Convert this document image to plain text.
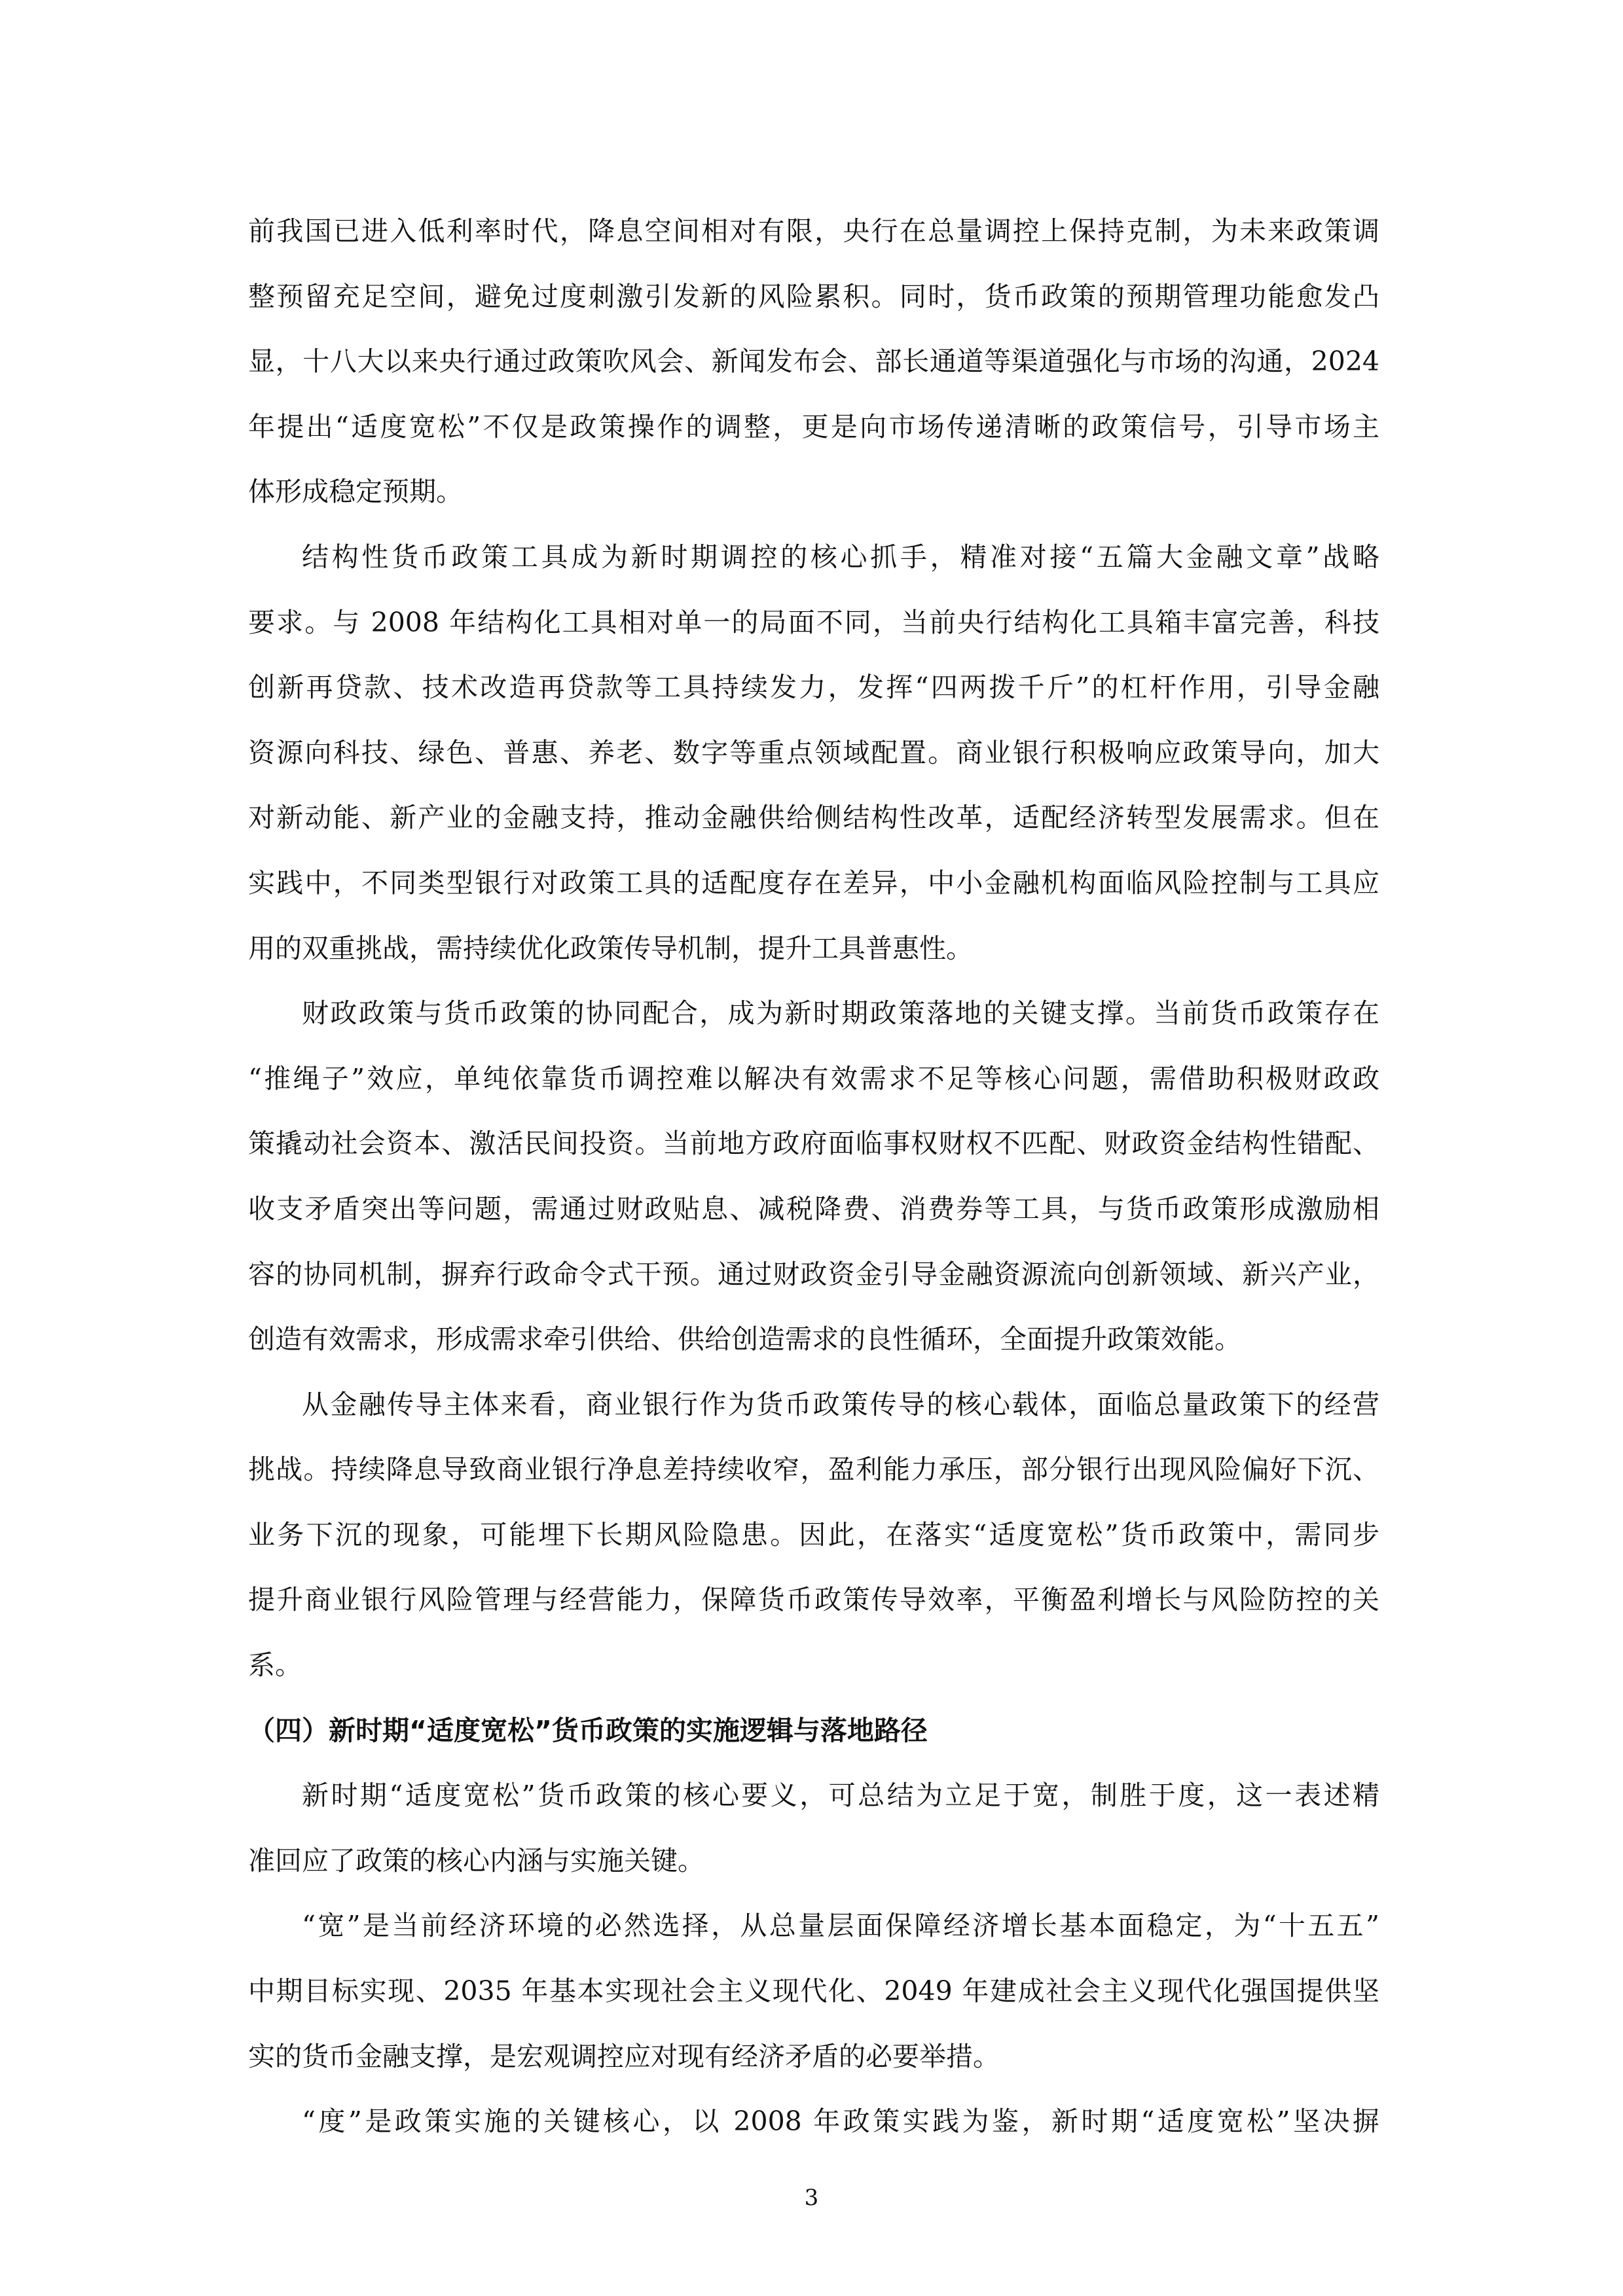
前我国已进入低利率时代，降息空间相对有限，央行在总量调控上保持克制，为未来政策调
整预留充足空间，避免过度刺激引发新的风险累积。同时，货币政策的预期管理功能愈发凸
显，十八大以来央行通过政策吹风会、新闻发布会、部长通道等渠道强化与市场的沟通，2024
年提出“适度宽松”不仅是政策操作的调整，更是向市场传递清晰的政策信号，引导市场主
体形成稳定预期。
结构性货币政策工具成为新时期调控的核心抓手，精准对接“五篇大金融文章”战略
要求。与 2008 年结构化工具相对单一的局面不同，当前央行结构化工具箱丰富完善，科技
创新再贷款、技术改造再贷款等工具持续发力，发挥“四两拨千斤”的杠杆作用，引导金融
资源向科技、绿色、普惠、养老、数字等重点领域配置。商业银行积极响应政策导向，加大
对新动能、新产业的金融支持，推动金融供给侧结构性改革，适配经济转型发展需求。但在
实践中，不同类型银行对政策工具的适配度存在差异，中小金融机构面临风险控制与工具应
用的双重挑战，需持续优化政策传导机制，提升工具普惠性。
财政政策与货币政策的协同配合，成为新时期政策落地的关键支撑。当前货币政策存在
“推绳子”效应，单纯依靠货币调控难以解决有效需求不足等核心问题，需借助积极财政政
策撬动社会资本、激活民间投资。当前地方政府面临事权财权不匹配、财政资金结构性错配、
收支矛盾突出等问题，需通过财政贴息、减税降费、消费券等工具，与货币政策形成激励相
容的协同机制，摒弃行政命令式干预。通过财政资金引导金融资源流向创新领域、新兴产业，
创造有效需求，形成需求牵引供给、供给创造需求的良性循环，全面提升政策效能。
从金融传导主体来看，商业银行作为货币政策传导的核心载体，面临总量政策下的经营
挑战。持续降息导致商业银行净息差持续收窄，盈利能力承压，部分银行出现风险偏好下沉、
业务下沉的现象，可能埋下长期风险隐患。因此，在落实“适度宽松”货币政策中，需同步
提升商业银行风险管理与经营能力，保障货币政策传导效率，平衡盈利增长与风险防控的关
系。
（四）新时期“适度宽松”货币政策的实施逻辑与落地路径
新时期“适度宽松”货币政策的核心要义，可总结为立足于宽，制胜于度，这一表述精
准回应了政策的核心内涵与实施关键。
“宽”是当前经济环境的必然选择，从总量层面保障经济增长基本面稳定，为“十五五”
中期目标实现、2035 年基本实现社会主义现代化、2049 年建成社会主义现代化强国提供坚
实的货币金融支撑，是宏观调控应对现有经济矛盾的必要举措。
“度”是政策实施的关键核心，以 2008 年政策实践为鉴，新时期“适度宽松”坚决摒
3
